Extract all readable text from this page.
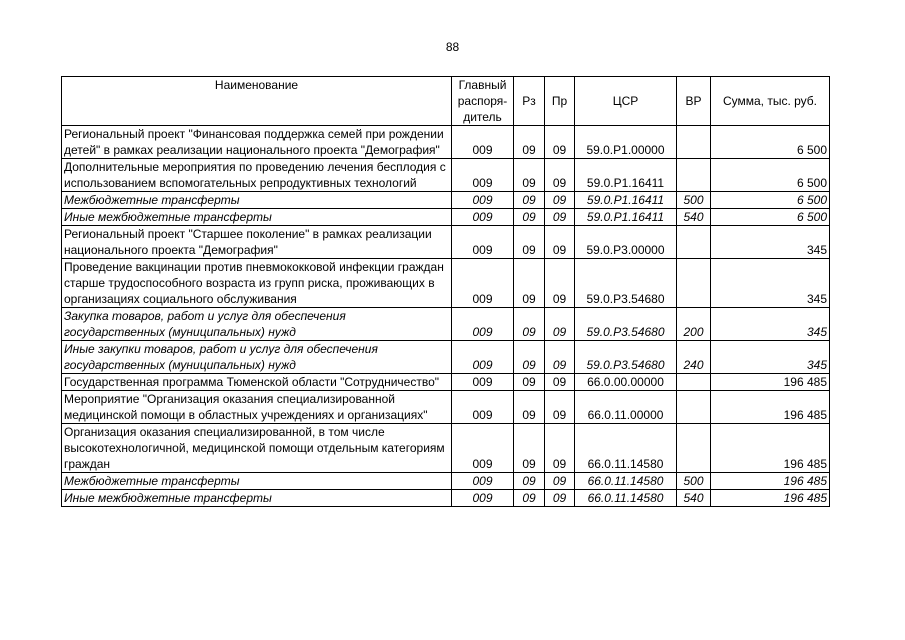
88
Наименование	Главный распоря-дитель	Рз	Пр	ЦСР	ВР	Сумма, тыс. руб.
Региональный проект "Финансовая поддержка семей при рождении детей" в рамках реализации национального проекта "Демография"	009	09	09	59.0.P1.00000		6 500
Дополнительные мероприятия по проведению лечения бесплодия с использованием вспомогательных репродуктивных технологий	009	09	09	59.0.P1.16411		6 500
Межбюджетные трансферты	009	09	09	59.0.P1.16411	500	6 500
Иные межбюджетные трансферты	009	09	09	59.0.P1.16411	540	6 500
Региональный проект "Старшее поколение" в рамках реализации национального проекта "Демография"	009	09	09	59.0.P3.00000		345
Проведение вакцинации против пневмококковой инфекции граждан старше трудоспособного возраста из групп риска, проживающих в организациях социального обслуживания	009	09	09	59.0.P3.54680		345
Закупка товаров, работ и услуг для обеспечения государственных (муниципальных) нужд	009	09	09	59.0.P3.54680	200	345
Иные закупки товаров, работ и услуг для обеспечения государственных (муниципальных) нужд	009	09	09	59.0.P3.54680	240	345
Государственная программа Тюменской области "Сотрудничество"	009	09	09	66.0.00.00000		196 485
Мероприятие "Организация оказания специализированной медицинской помощи в областных учреждениях и организациях"	009	09	09	66.0.11.00000		196 485
Организация оказания специализированной, в том числе высокотехнологичной, медицинской помощи отдельным категориям граждан	009	09	09	66.0.11.14580		196 485
Межбюджетные трансферты	009	09	09	66.0.11.14580	500	196 485
Иные межбюджетные трансферты	009	09	09	66.0.11.14580	540	196 485
